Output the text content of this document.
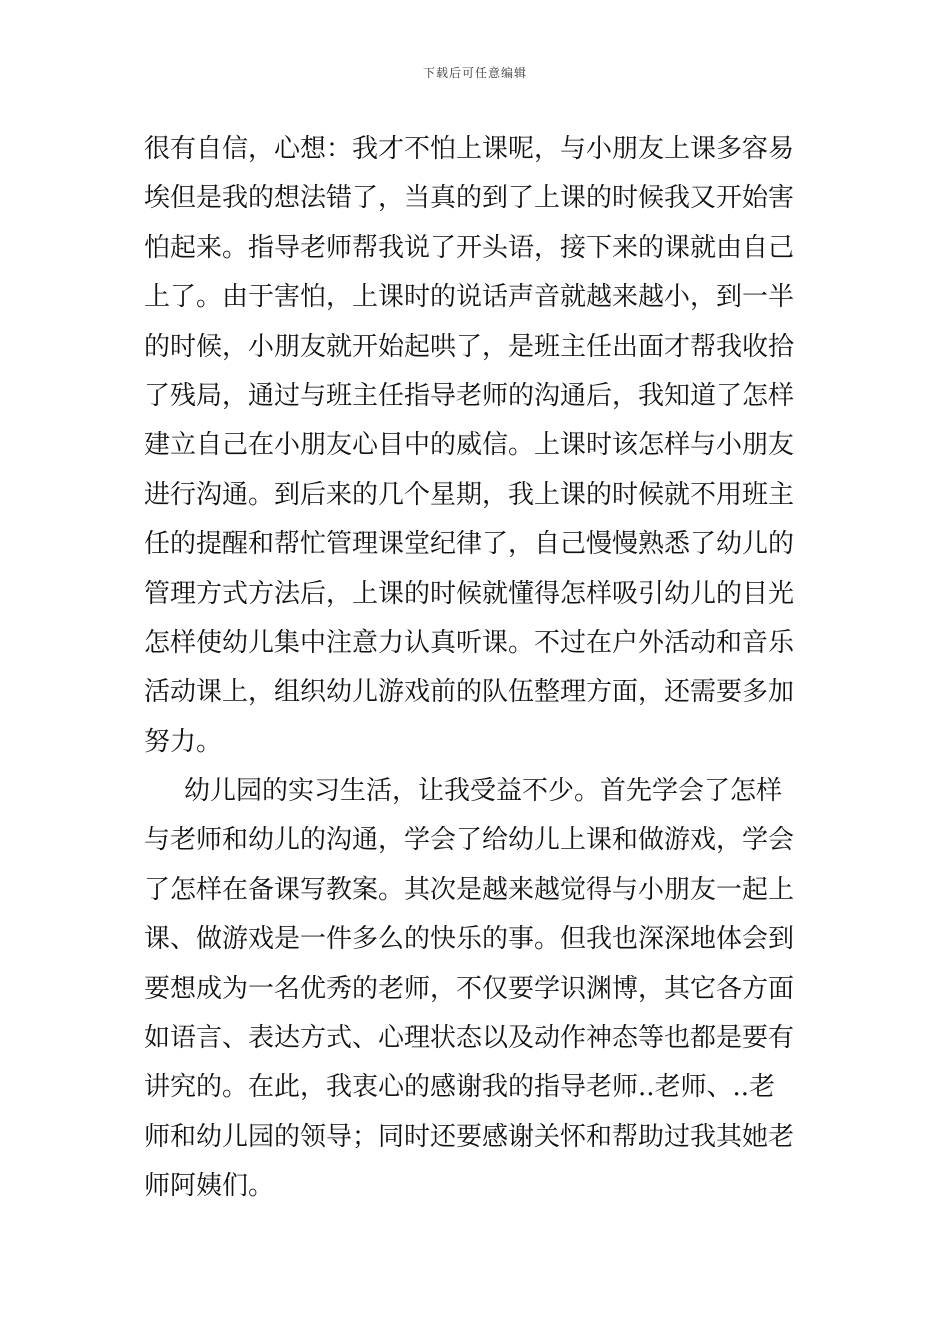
下载后可任意编辑
很有自信，心想：我才不怕上课呢，与小朋友上课多容易
埃但是我的想法错了，当真的到了上课的时候我又开始害
怕起来。指导老师帮我说了开头语，接下来的课就由自己
上了。由于害怕，上课时的说话声音就越来越小，到一半
的时候，小朋友就开始起哄了，是班主任出面才帮我收拾
了残局，通过与班主任指导老师的沟通后，我知道了怎样
建立自己在小朋友心目中的威信。上课时该怎样与小朋友
进行沟通。到后来的几个星期，我上课的时候就不用班主
任的提醒和帮忙管理课堂纪律了，自己慢慢熟悉了幼儿的
管理方式方法后，上课的时候就懂得怎样吸引幼儿的目光
怎样使幼儿集中注意力认真听课。不过在户外活动和音乐
活动课上，组织幼儿游戏前的队伍整理方面，还需要多加
努力。
幼儿园的实习生活，让我受益不少。首先学会了怎样
与老师和幼儿的沟通，学会了给幼儿上课和做游戏，学会
了怎样在备课写教案。其次是越来越觉得与小朋友一起上
课、做游戏是一件多么的快乐的事。但我也深深地体会到
要想成为一名优秀的老师，不仅要学识渊博，其它各方面
如语言、表达方式、心理状态以及动作神态等也都是要有
讲究的。在此，我衷心的感谢我的指导老师..老师、..老
师和幼儿园的领导；同时还要感谢关怀和帮助过我其她老
师阿姨们。
